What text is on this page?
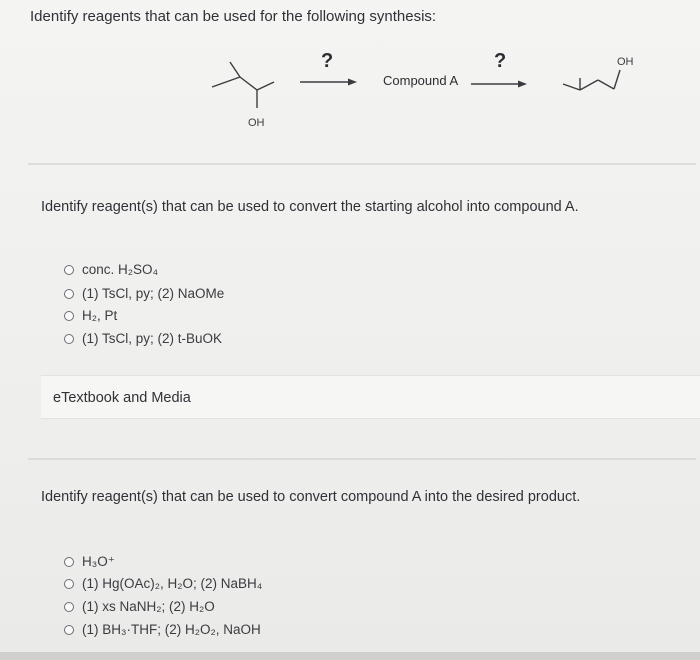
Identify reagents that can be used for the following synthesis:
OH
?
Compound A
?	OH
Identify reagent(s) that can be used to convert the starting alcohol into compound A.
conc. H₂SO₄
(1) TsCl, py; (2) NaOMe
H₂, Pt
(1) TsCl, py; (2) t-BuOK
eTextbook and Media
Identify reagent(s) that can be used to convert compound A into the desired product.
H₃O⁺
(1) Hg(OAc)₂, H₂O; (2) NaBH₄
(1) xs NaNH₂; (2) H₂O
(1) BH₃·THF; (2) H₂O₂, NaOH
